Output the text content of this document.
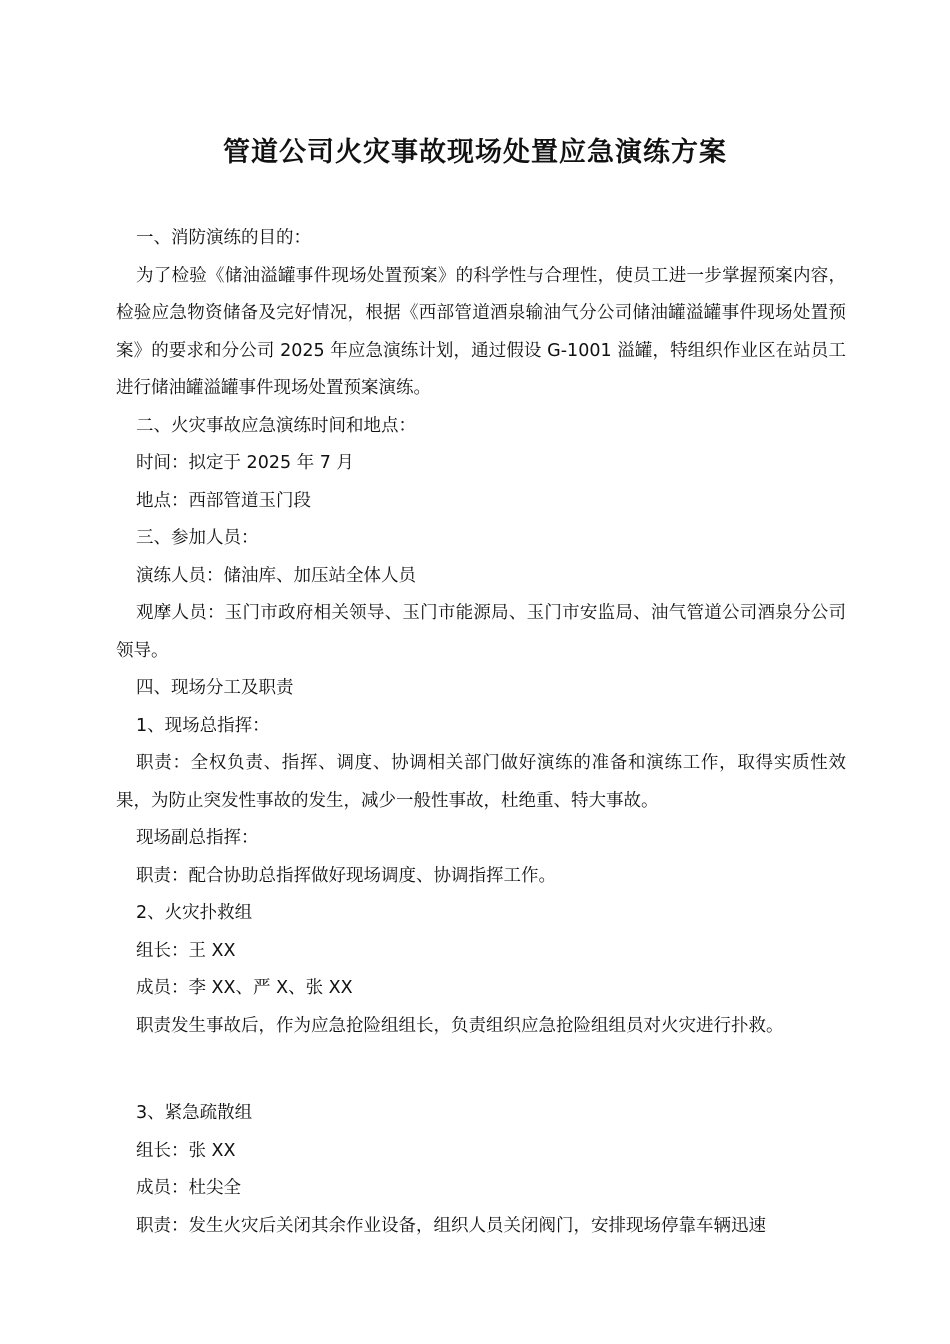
管道公司火灾事故现场处置应急演练方案

一、消防演练的目的：

为了检验《储油溢罐事件现场处置预案》的科学性与合理性，使员工进一步掌握预案内容，检验应急物资储备及完好情况，根据《西部管道酒泉输油气分公司储油罐溢罐事件现场处置预案》的要求和分公司 2025 年应急演练计划，通过假设 G-1001 溢罐，特组织作业区在站员工进行储油罐溢罐事件现场处置预案演练。

二、火灾事故应急演练时间和地点：

时间：拟定于 2025 年 7 月

地点：西部管道玉门段

三、参加人员：

演练人员：储油库、加压站全体人员

观摩人员：玉门市政府相关领导、玉门市能源局、玉门市安监局、油气管道公司酒泉分公司领导。

四、现场分工及职责

1、现场总指挥：

职责：全权负责、指挥、调度、协调相关部门做好演练的准备和演练工作，取得实质性效果，为防止突发性事故的发生，减少一般性事故，杜绝重、特大事故。

现场副总指挥：

职责：配合协助总指挥做好现场调度、协调指挥工作。

2、火灾扑救组

组长：王 XX

成员：李 XX、严 X、张 XX

职责发生事故后，作为应急抢险组组长，负责组织应急抢险组组员对火灾进行扑救。

3、紧急疏散组

组长：张 XX

成员：杜尖全

职责：发生火灾后关闭其余作业设备，组织人员关闭阀门，安排现场停靠车辆迅速
